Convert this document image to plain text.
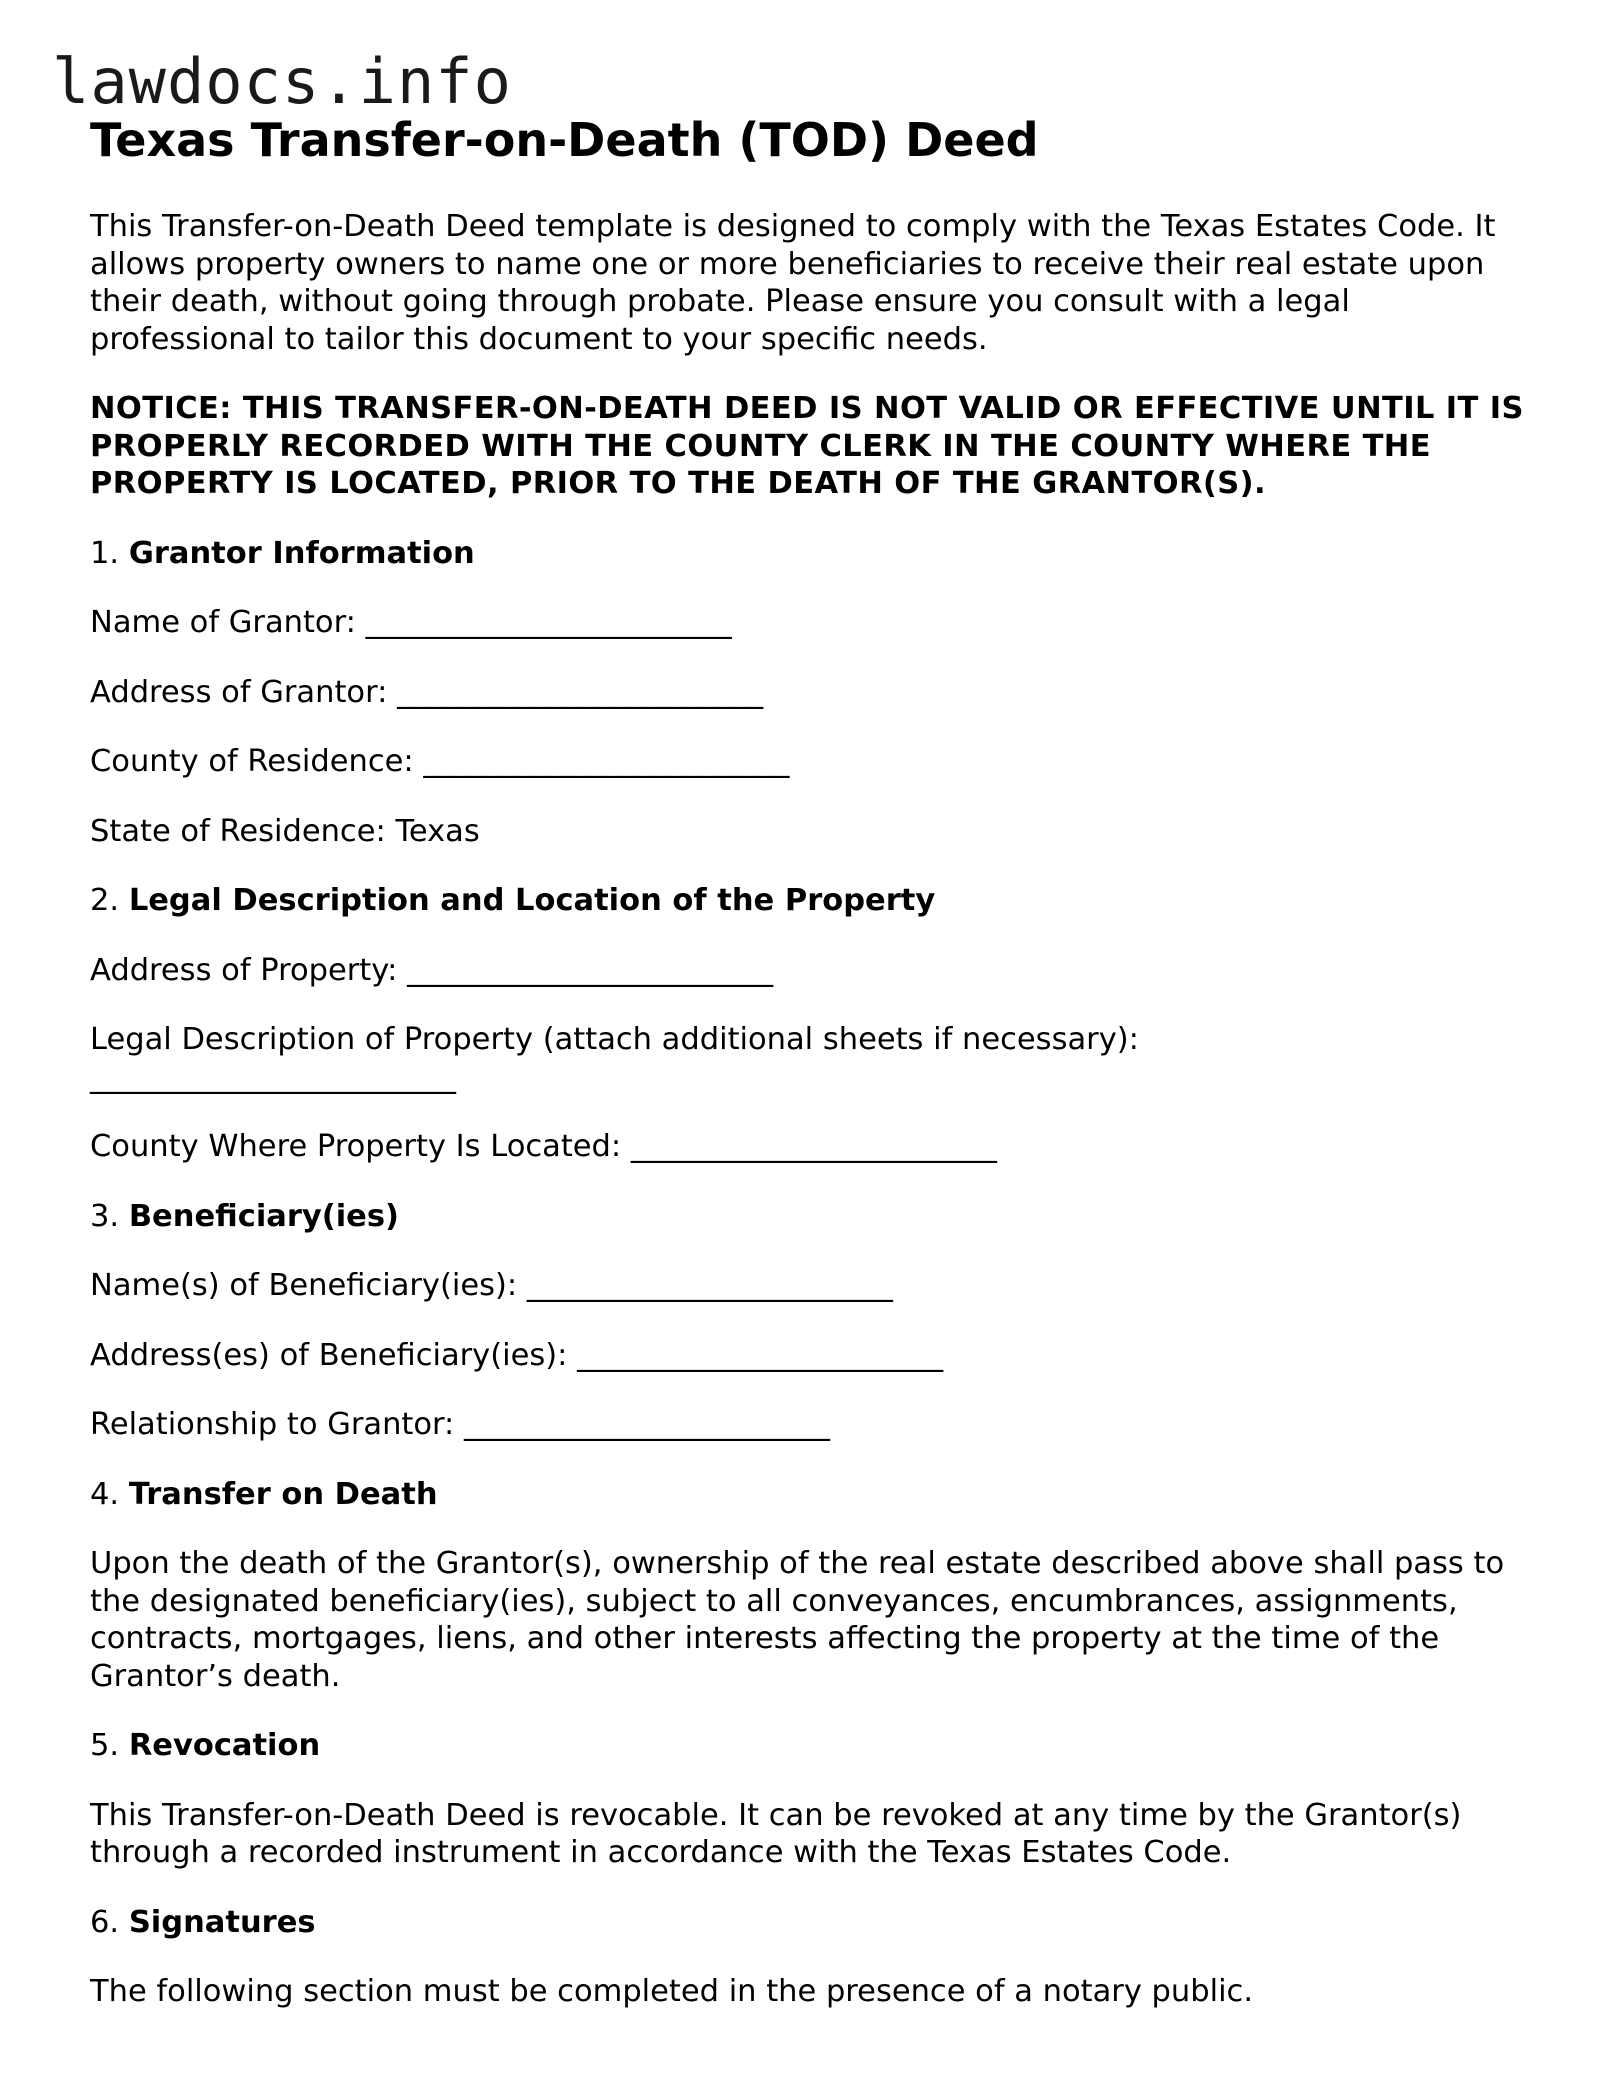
lawdocs.info
Texas Transfer-on-Death (TOD) Deed

This Transfer-on-Death Deed template is designed to comply with the Texas Estates Code. It allows property owners to name one or more beneficiaries to receive their real estate upon their death, without going through probate. Please ensure you consult with a legal professional to tailor this document to your specific needs.

NOTICE: THIS TRANSFER-ON-DEATH DEED IS NOT VALID OR EFFECTIVE UNTIL IT IS PROPERLY RECORDED WITH THE COUNTY CLERK IN THE COUNTY WHERE THE PROPERTY IS LOCATED, PRIOR TO THE DEATH OF THE GRANTOR(S).

1. Grantor Information

Name of Grantor: ________________________

Address of Grantor: ________________________

County of Residence: ________________________

State of Residence: Texas

2. Legal Description and Location of the Property

Address of Property: ________________________

Legal Description of Property (attach additional sheets if necessary):
________________________

County Where Property Is Located: ________________________

3. Beneficiary(ies)

Name(s) of Beneficiary(ies): ________________________

Address(es) of Beneficiary(ies): ________________________

Relationship to Grantor: ________________________

4. Transfer on Death

Upon the death of the Grantor(s), ownership of the real estate described above shall pass to the designated beneficiary(ies), subject to all conveyances, encumbrances, assignments, contracts, mortgages, liens, and other interests affecting the property at the time of the Grantor’s death.

5. Revocation

This Transfer-on-Death Deed is revocable. It can be revoked at any time by the Grantor(s) through a recorded instrument in accordance with the Texas Estates Code.

6. Signatures

The following section must be completed in the presence of a notary public.
